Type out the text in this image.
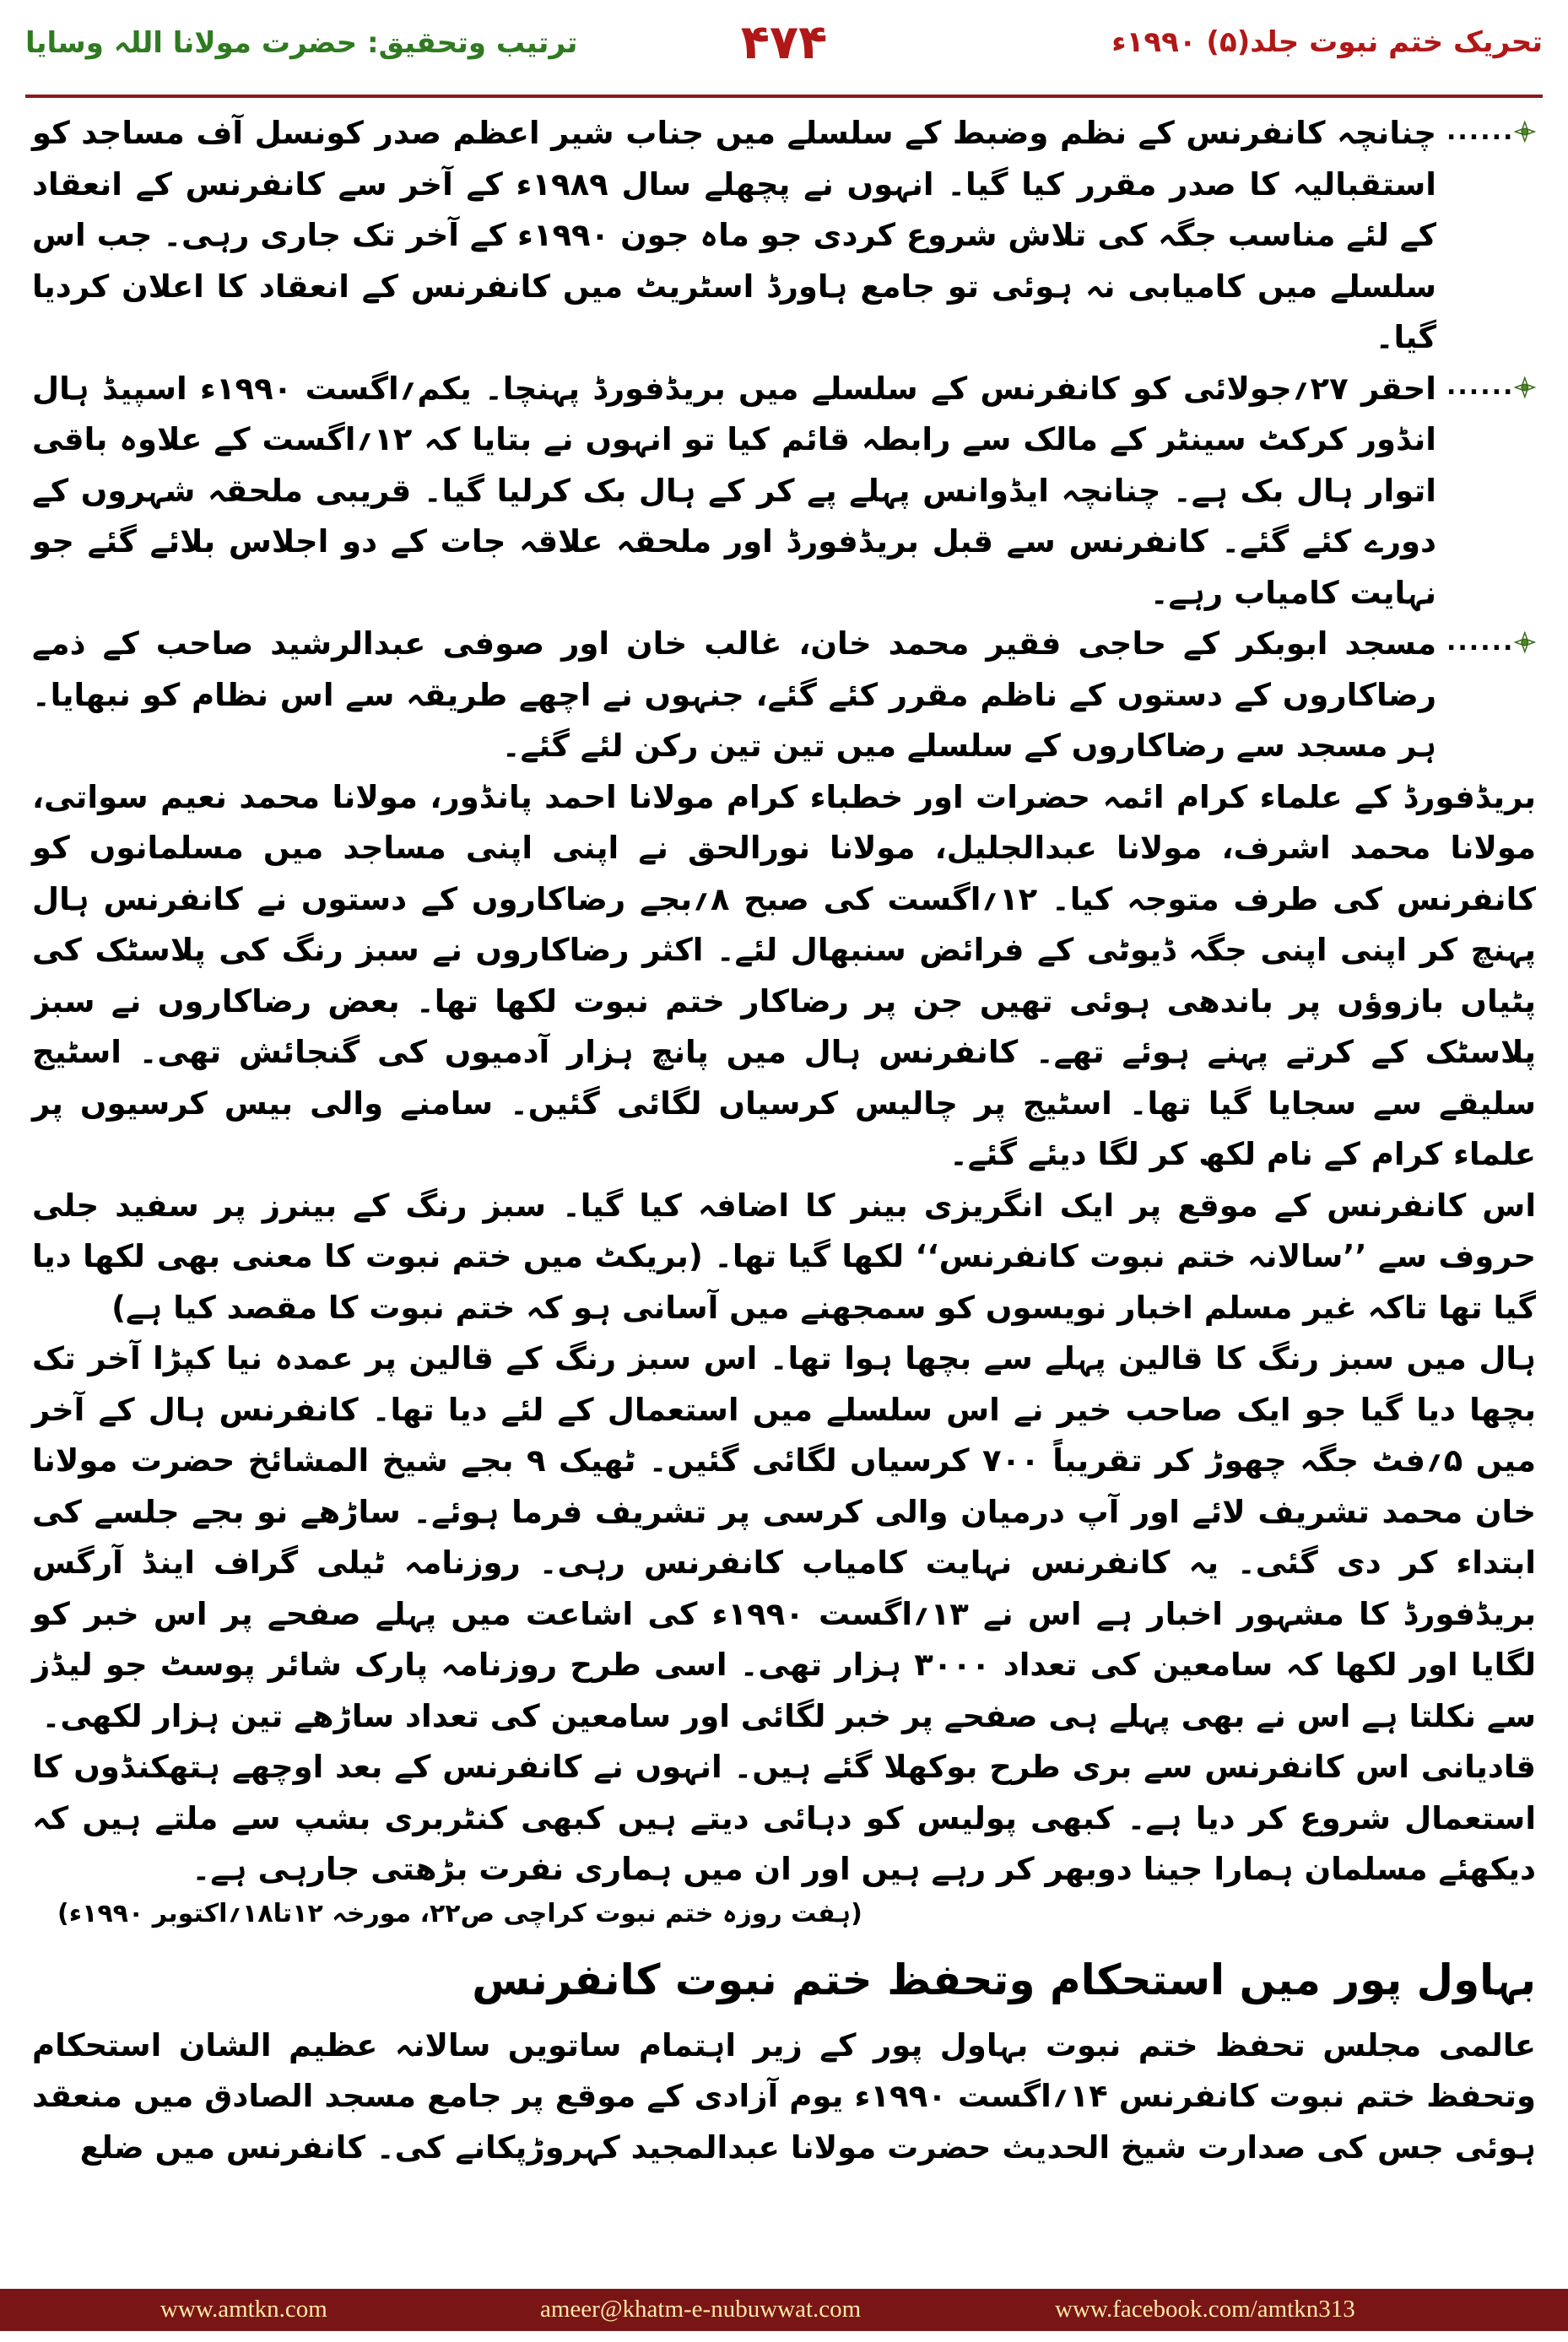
ترتیب وتحقیق: حضرت مولانا اللہ وسایا	۴۷۴	تحریک ختم نبوت جلد(۵) ۱۹۹۰ء
......

چنانچہ کانفرنس کے نظم وضبط کے سلسلے میں جناب شیر اعظم صدر کونسل آف مساجد کو استقبالیہ کا صدر مقرر کیا گیا۔ انہوں نے پچھلے سال ۱۹۸۹ء کے آخر سے کانفرنس کے انعقاد کے لئے مناسب جگہ کی تلاش شروع کردی جو ماہ جون ۱۹۹۰ء کے آخر تک جاری رہی۔ جب اس سلسلے میں کامیابی نہ ہوئی تو جامع ہاورڈ اسٹریٹ میں کانفرنس کے انعقاد کا اعلان کردیا گیا۔

......

احقر ۲۷؍جولائی کو کانفرنس کے سلسلے میں بریڈفورڈ پہنچا۔ یکم؍اگست ۱۹۹۰ء اسپیڈ ہال انڈور کرکٹ سینٹر کے مالک سے رابطہ قائم کیا تو انہوں نے بتایا کہ ۱۲؍اگست کے علاوہ باقی اتوار ہال بک ہے۔ چنانچہ ایڈوانس پہلے پے کر کے ہال بک کرلیا گیا۔ قریبی ملحقہ شہروں کے دورے کئے گئے۔ کانفرنس سے قبل بریڈفورڈ اور ملحقہ علاقہ جات کے دو اجلاس بلائے گئے جو نہایت کامیاب رہے۔

......

مسجد ابوبکر کے حاجی فقیر محمد خان، غالب خان اور صوفی عبدالرشید صاحب کے ذمے رضاکاروں کے دستوں کے ناظم مقرر کئے گئے، جنہوں نے اچھے طریقہ سے اس نظام کو نبھایا۔ ہر مسجد سے رضاکاروں کے سلسلے میں تین تین رکن لئے گئے۔

بریڈفورڈ کے علماء کرام ائمہ حضرات اور خطباء کرام مولانا احمد پانڈور، مولانا محمد نعیم سواتی، مولانا محمد اشرف، مولانا عبدالجلیل، مولانا نورالحق نے اپنی اپنی مساجد میں مسلمانوں کو کانفرنس کی طرف متوجہ کیا۔ ۱۲؍اگست کی صبح ۸؍بجے رضاکاروں کے دستوں نے کانفرنس ہال پہنچ کر اپنی اپنی جگہ ڈیوٹی کے فرائض سنبھال لئے۔ اکثر رضاکاروں نے سبز رنگ کی پلاسٹک کی پٹیاں بازوؤں پر باندھی ہوئی تھیں جن پر رضاکار ختم نبوت لکھا تھا۔ بعض رضاکاروں نے سبز پلاسٹک کے کرتے پہنے ہوئے تھے۔ کانفرنس ہال میں پانچ ہزار آدمیوں کی گنجائش تھی۔ اسٹیج سلیقے سے سجایا گیا تھا۔ اسٹیج پر چالیس کرسیاں لگائی گئیں۔ سامنے والی بیس کرسیوں پر علماء کرام کے نام لکھ کر لگا دیئے گئے۔

اس کانفرنس کے موقع پر ایک انگریزی بینر کا اضافہ کیا گیا۔ سبز رنگ کے بینرز پر سفید جلی حروف سے ’’سالانہ ختم نبوت کانفرنس‘‘ لکھا گیا تھا۔ (بریکٹ میں ختم نبوت کا معنی بھی لکھا دیا گیا تھا تاکہ غیر مسلم اخبار نویسوں کو سمجھنے میں آسانی ہو کہ ختم نبوت کا مقصد کیا ہے)

ہال میں سبز رنگ کا قالین پہلے سے بچھا ہوا تھا۔ اس سبز رنگ کے قالین پر عمدہ نیا کپڑا آخر تک بچھا دیا گیا جو ایک صاحب خیر نے اس سلسلے میں استعمال کے لئے دیا تھا۔ کانفرنس ہال کے آخر میں ۵؍فٹ جگہ چھوڑ کر تقریباً ۷۰۰ کرسیاں لگائی گئیں۔ ٹھیک ۹ بجے شیخ المشائخ حضرت مولانا خان محمد تشریف لائے اور آپ درمیان والی کرسی پر تشریف فرما ہوئے۔ ساڑھے نو بجے جلسے کی ابتداء کر دی گئی۔ یہ کانفرنس نہایت کامیاب کانفرنس رہی۔ روزنامہ ٹیلی گراف اینڈ آرگس بریڈفورڈ کا مشہور اخبار ہے اس نے ۱۳؍اگست ۱۹۹۰ء کی اشاعت میں پہلے صفحے پر اس خبر کو لگایا اور لکھا کہ سامعین کی تعداد ۳۰۰۰ ہزار تھی۔ اسی طرح روزنامہ پارک شائر پوسٹ جو لیڈز سے نکلتا ہے اس نے بھی پہلے ہی صفحے پر خبر لگائی اور سامعین کی تعداد ساڑھے تین ہزار لکھی۔

قادیانی اس کانفرنس سے بری طرح بوکھلا گئے ہیں۔ انہوں نے کانفرنس کے بعد اوچھے ہتھکنڈوں کا استعمال شروع کر دیا ہے۔ کبھی پولیس کو دہائی دیتے ہیں کبھی کنٹربری بشپ سے ملتے ہیں کہ دیکھئے مسلمان ہمارا جینا دوبھر کر رہے ہیں اور ان میں ہماری نفرت بڑھتی جارہی ہے۔

(ہفت روزہ ختم نبوت کراچی ص۲۲، مورخہ ۱۲تا۱۸؍اکتوبر ۱۹۹۰ء)

بہاول پور میں استحکام وتحفظ ختم نبوت کانفرنس

عالمی مجلس تحفظ ختم نبوت بہاول پور کے زیر اہتمام ساتویں سالانہ عظیم الشان استحکام وتحفظ ختم نبوت کانفرنس ۱۴؍اگست ۱۹۹۰ء یوم آزادی کے موقع پر جامع مسجد الصادق میں منعقد ہوئی جس کی صدارت شیخ الحدیث حضرت مولانا عبدالمجید کہروڑپکانے کی۔ کانفرنس میں ضلع

www.amtkn.com	ameer@khatm-e-nubuwwat.com	www.facebook.com/amtkn313
